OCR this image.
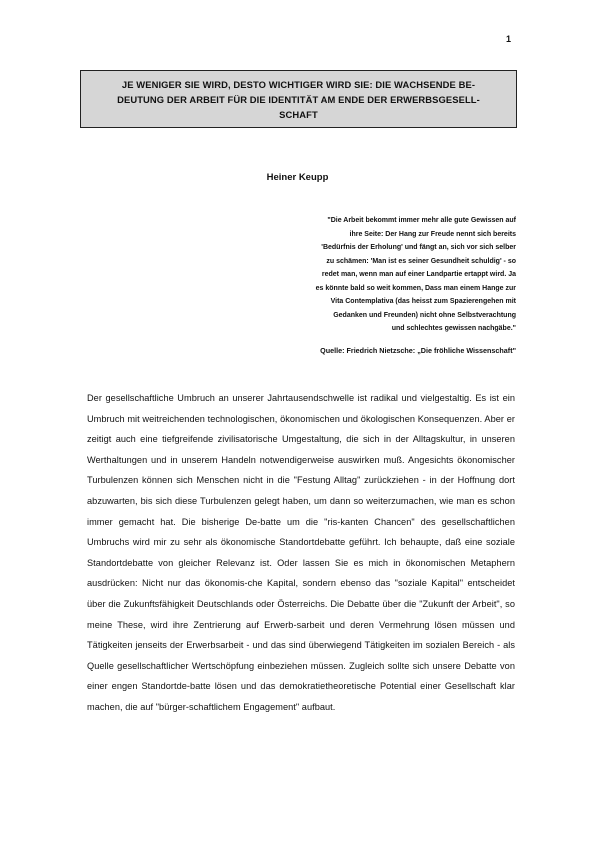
1

JE WENIGER SIE WIRD, DESTO WICHTIGER WIRD SIE: DIE WACHSENDE BE-
DEUTUNG DER ARBEIT FÜR DIE IDENTITÄT AM ENDE DER ERWERBSGESELL-
SCHAFT

Heiner Keupp

"Die Arbeit bekommt immer mehr alle gute Gewissen auf
ihre Seite: Der Hang zur Freude nennt sich bereits
'Bedürfnis der Erholung' und fängt an, sich vor sich selber
zu schämen: 'Man ist es seiner Gesundheit schuldig' - so
redet man, wenn man auf einer Landpartie ertappt wird. Ja
es könnte bald so weit kommen, Dass man einem Hange zur
Vita Contemplativa (das heisst zum Spazierengehen mit
Gedanken und Freunden) nicht ohne Selbstverachtung
und schlechtes gewissen nachgäbe."

Quelle: Friedrich Nietzsche: „Die fröhliche Wissenschaft"

Der gesellschaftliche Umbruch an unserer Jahrtausendschwelle ist radikal und vielgestaltig. Es ist ein Umbruch mit weitreichenden technologischen, ökonomischen und ökologischen Konsequenzen. Aber er zeitigt auch eine tiefgreifende zivilisatorische Umgestaltung, die sich in der Alltagskultur, in unseren Werthaltungen und in unserem Handeln notwendigerweise auswirken muß. Angesichts ökonomischer Turbulenzen können sich Menschen nicht in die "Festung Alltag" zurückziehen - in der Hoffnung dort abzuwarten, bis sich diese Turbulenzen gelegt haben, um dann so weiterzumachen, wie man es schon immer gemacht hat. Die bisherige De-batte um die "ris-kanten Chancen" des gesellschaftlichen Umbruchs wird mir zu sehr als ökonomische Standortdebatte geführt. Ich behaupte, daß eine soziale Standortdebatte von gleicher Relevanz ist. Oder lassen Sie es mich in ökonomischen Metaphern ausdrücken: Nicht nur das ökonomis-che Kapital, sondern ebenso das "soziale Kapital" entscheidet über die Zukunftsfähigkeit Deutschlands oder Österreichs. Die Debatte über die "Zukunft der Arbeit", so meine These, wird ihre Zentrierung auf Erwerb-sarbeit und deren Vermehrung lösen müssen und Tätigkeiten jenseits der Erwerbsarbeit - und das sind überwiegend Tätigkeiten im sozialen Bereich - als Quelle gesellschaftlicher Wertschöpfung einbeziehen müssen. Zugleich sollte sich unsere Debatte von einer engen Standortde-batte lösen und das demokratietheoretische Potential einer Gesellschaft klar machen, die auf "bürger-schaftlichem Engagement" aufbaut.
